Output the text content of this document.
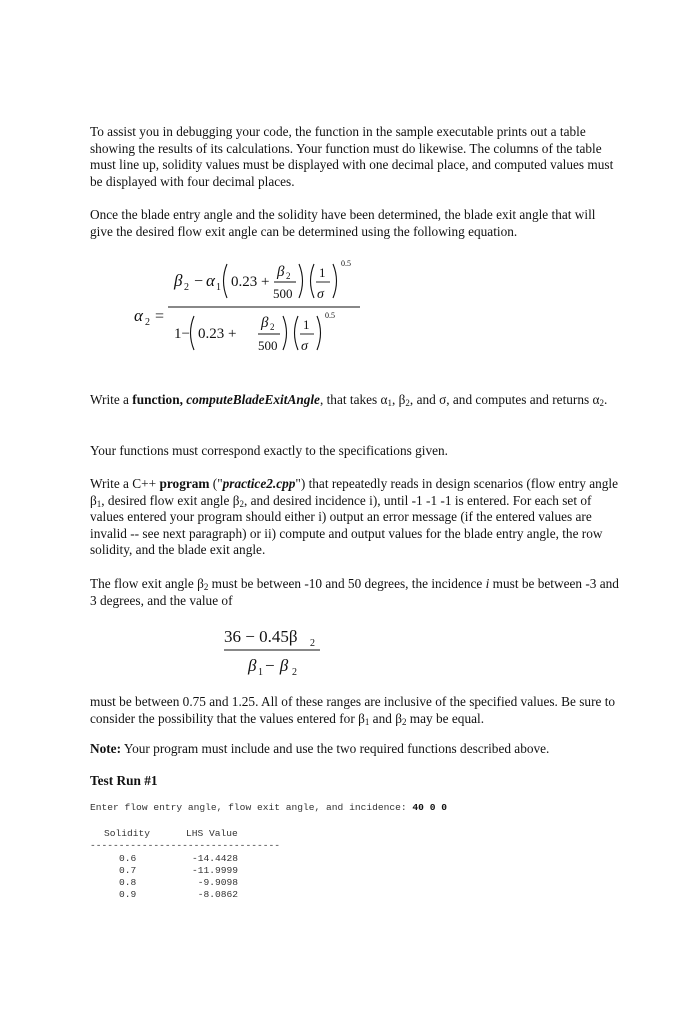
To assist you in debugging your code, the function in the sample executable prints out a table showing the results of its calculations. Your function must do likewise. The columns of the table must line up, solidity values must be displayed with one decimal place, and computed values must be displayed with four decimal places.
Once the blade entry angle and the solidity have been determined, the blade exit angle that will give the desired flow exit angle can be determined using the following equation.
α 2 =
β 2 − α 1 0.23 +
β 2
500
1
σ
0.5
1− 0.23 +
β 2
500
1
σ
0.5
Write a function, computeBladeExitAngle, that takes $\alpha_1$, $\beta_2$, and σ, and computes and returns $\alpha_2$.
Your functions must correspond exactly to the specifications given.
Write a C++ program ("practice2.cpp") that repeatedly reads in design scenarios (flow entry angle $\beta_1$, desired flow exit angle $\beta_2$, and desired incidence i), until -1 -1 -1 is entered. For each set of values entered your program should either i) output an error message (if the entered values are invalid -- see next paragraph) or ii) compute and output values for the blade entry angle, the row solidity, and the blade exit angle.
The flow exit angle $\beta_2$ must be between -10 and 50 degrees, the incidence i must be between -3 and 3 degrees, and the value of
36 − 0.45β 2
β 1 − β 2
must be between 0.75 and 1.25. All of these ranges are inclusive of the specified values. Be sure to consider the possibility that the values entered for $\beta_1$ and $\beta_2$ may be equal.
Note: Your program must include and use the two required functions described above.
Test Run #1
Enter flow entry angle, flow exit angle, and incidence: 40 0 0
Solidity	LHS Value
---------------------------------
0.6	-14.4428
0.7	-11.9999
0.8	-9.9098
0.9	-8.0862
